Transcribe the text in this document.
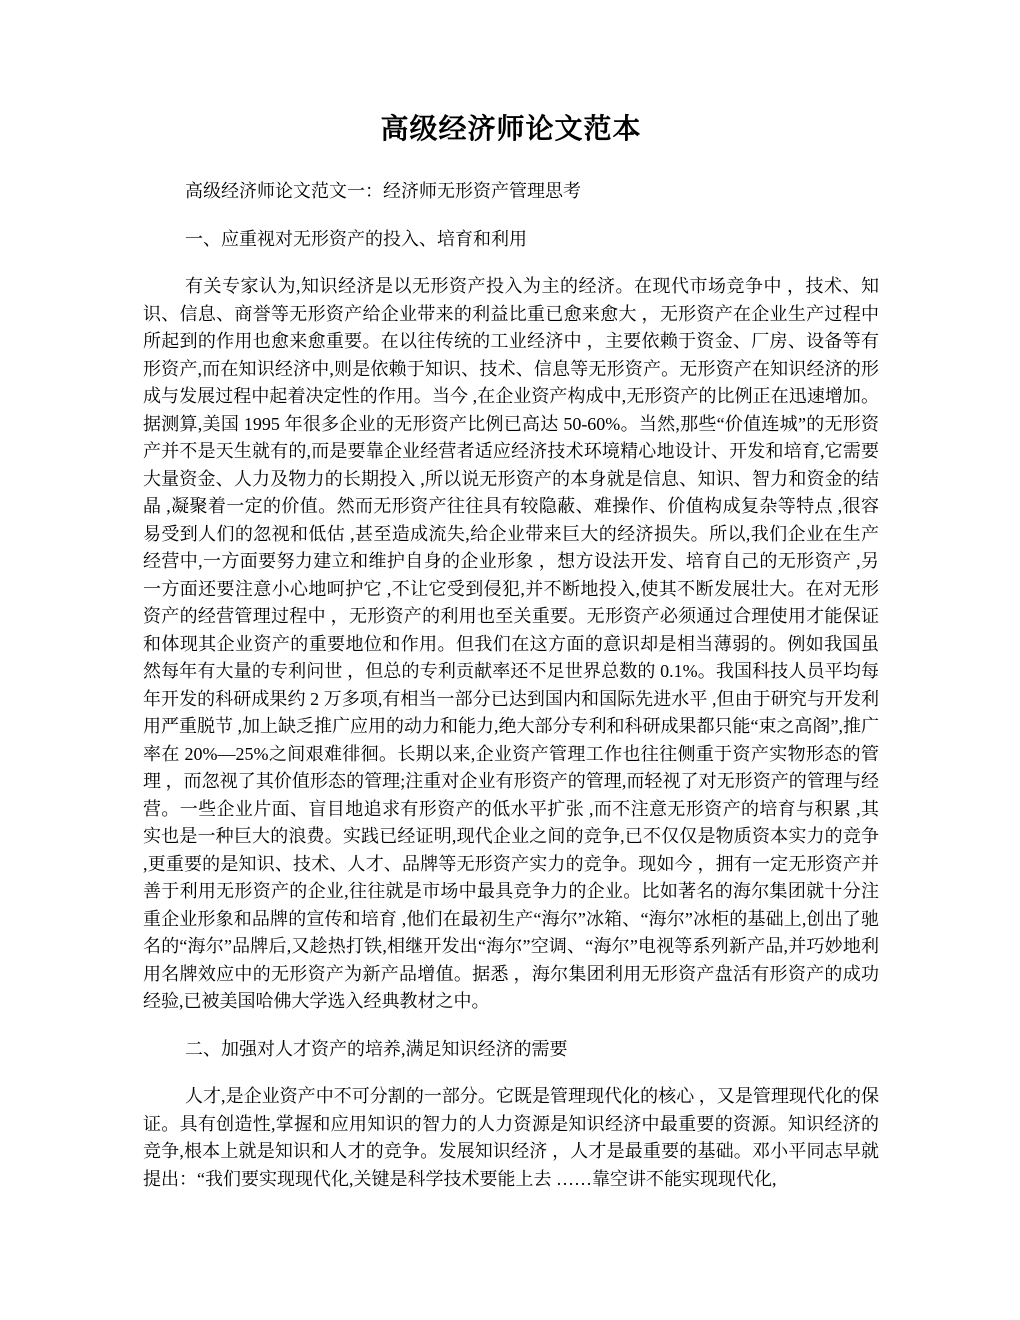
高级经济师论文范本

高级经济师论文范文一：经济师无形资产管理思考

一、应重视对无形资产的投入、培育和利用

有关专家认为,知识经济是以无形资产投入为主的经济。在现代市场竞争中 ，技术、知识、信息、商誉等无形资产给企业带来的利益比重已愈来愈大 ，无形资产在企业生产过程中所起到的作用也愈来愈重要。在以往传统的工业经济中 ，主要依赖于资金、厂房、设备等有形资产,而在知识经济中,则是依赖于知识、技术、信息等无形资产。无形资产在知识经济的形成与发展过程中起着决定性的作用。当今 ,在企业资产构成中,无形资产的比例正在迅速增加。据测算,美国 1995 年很多企业的无形资产比例已高达 50-60%。当然,那些“价值连城”的无形资产并不是天生就有的,而是要靠企业经营者适应经济技术环境精心地设计、开发和培育,它需要大量资金、人力及物力的长期投入 ,所以说无形资产的本身就是信息、知识、智力和资金的结晶 ,凝聚着一定的价值。然而无形资产往往具有较隐蔽、难操作、价值构成复杂等特点 ,很容易受到人们的忽视和低估 ,甚至造成流失,给企业带来巨大的经济损失。所以,我们企业在生产经营中,一方面要努力建立和维护自身的企业形象 ，想方设法开发、培育自己的无形资产 ,另一方面还要注意小心地呵护它 ,不让它受到侵犯,并不断地投入,使其不断发展壮大。在对无形资产的经营管理过程中 ，无形资产的利用也至关重要。无形资产必须通过合理使用才能保证和体现其企业资产的重要地位和作用。但我们在这方面的意识却是相当薄弱的。例如我国虽然每年有大量的专利问世 ，但总的专利贡献率还不足世界总数的 0.1%。我国科技人员平均每年开发的科研成果约 2 万多项,有相当一部分已达到国内和国际先进水平 ,但由于研究与开发利用严重脱节 ,加上缺乏推广应用的动力和能力,绝大部分专利和科研成果都只能“束之高阁”,推广率在 20%—25%之间艰难徘徊。长期以来,企业资产管理工作也往往侧重于资产实物形态的管理 ，而忽视了其价值形态的管理;注重对企业有形资产的管理,而轻视了对无形资产的管理与经营。一些企业片面、盲目地追求有形资产的低水平扩张 ,而不注意无形资产的培育与积累 ,其实也是一种巨大的浪费。实践已经证明,现代企业之间的竞争,已不仅仅是物质资本实力的竞争 ,更重要的是知识、技术、人才、品牌等无形资产实力的竞争。现如今 ，拥有一定无形资产并善于利用无形资产的企业,往往就是市场中最具竞争力的企业。比如著名的海尔集团就十分注重企业形象和品牌的宣传和培育 ,他们在最初生产“海尔”冰箱、“海尔”冰柜的基础上,创出了驰名的“海尔”品牌后,又趁热打铁,相继开发出“海尔”空调、“海尔”电视等系列新产品,并巧妙地利用名牌效应中的无形资产为新产品增值。据悉 ，海尔集团利用无形资产盘活有形资产的成功经验,已被美国哈佛大学选入经典教材之中。

二、加强对人才资产的培养,满足知识经济的需要

人才,是企业资产中不可分割的一部分。它既是管理现代化的核心 ，又是管理现代化的保证。具有创造性,掌握和应用知识的智力的人力资源是知识经济中最重要的资源。知识经济的竞争,根本上就是知识和人才的竞争。发展知识经济 ，人才是最重要的基础。邓小平同志早就提出：“我们要实现现代化,关键是科学技术要能上去 ……靠空讲不能实现现代化,
